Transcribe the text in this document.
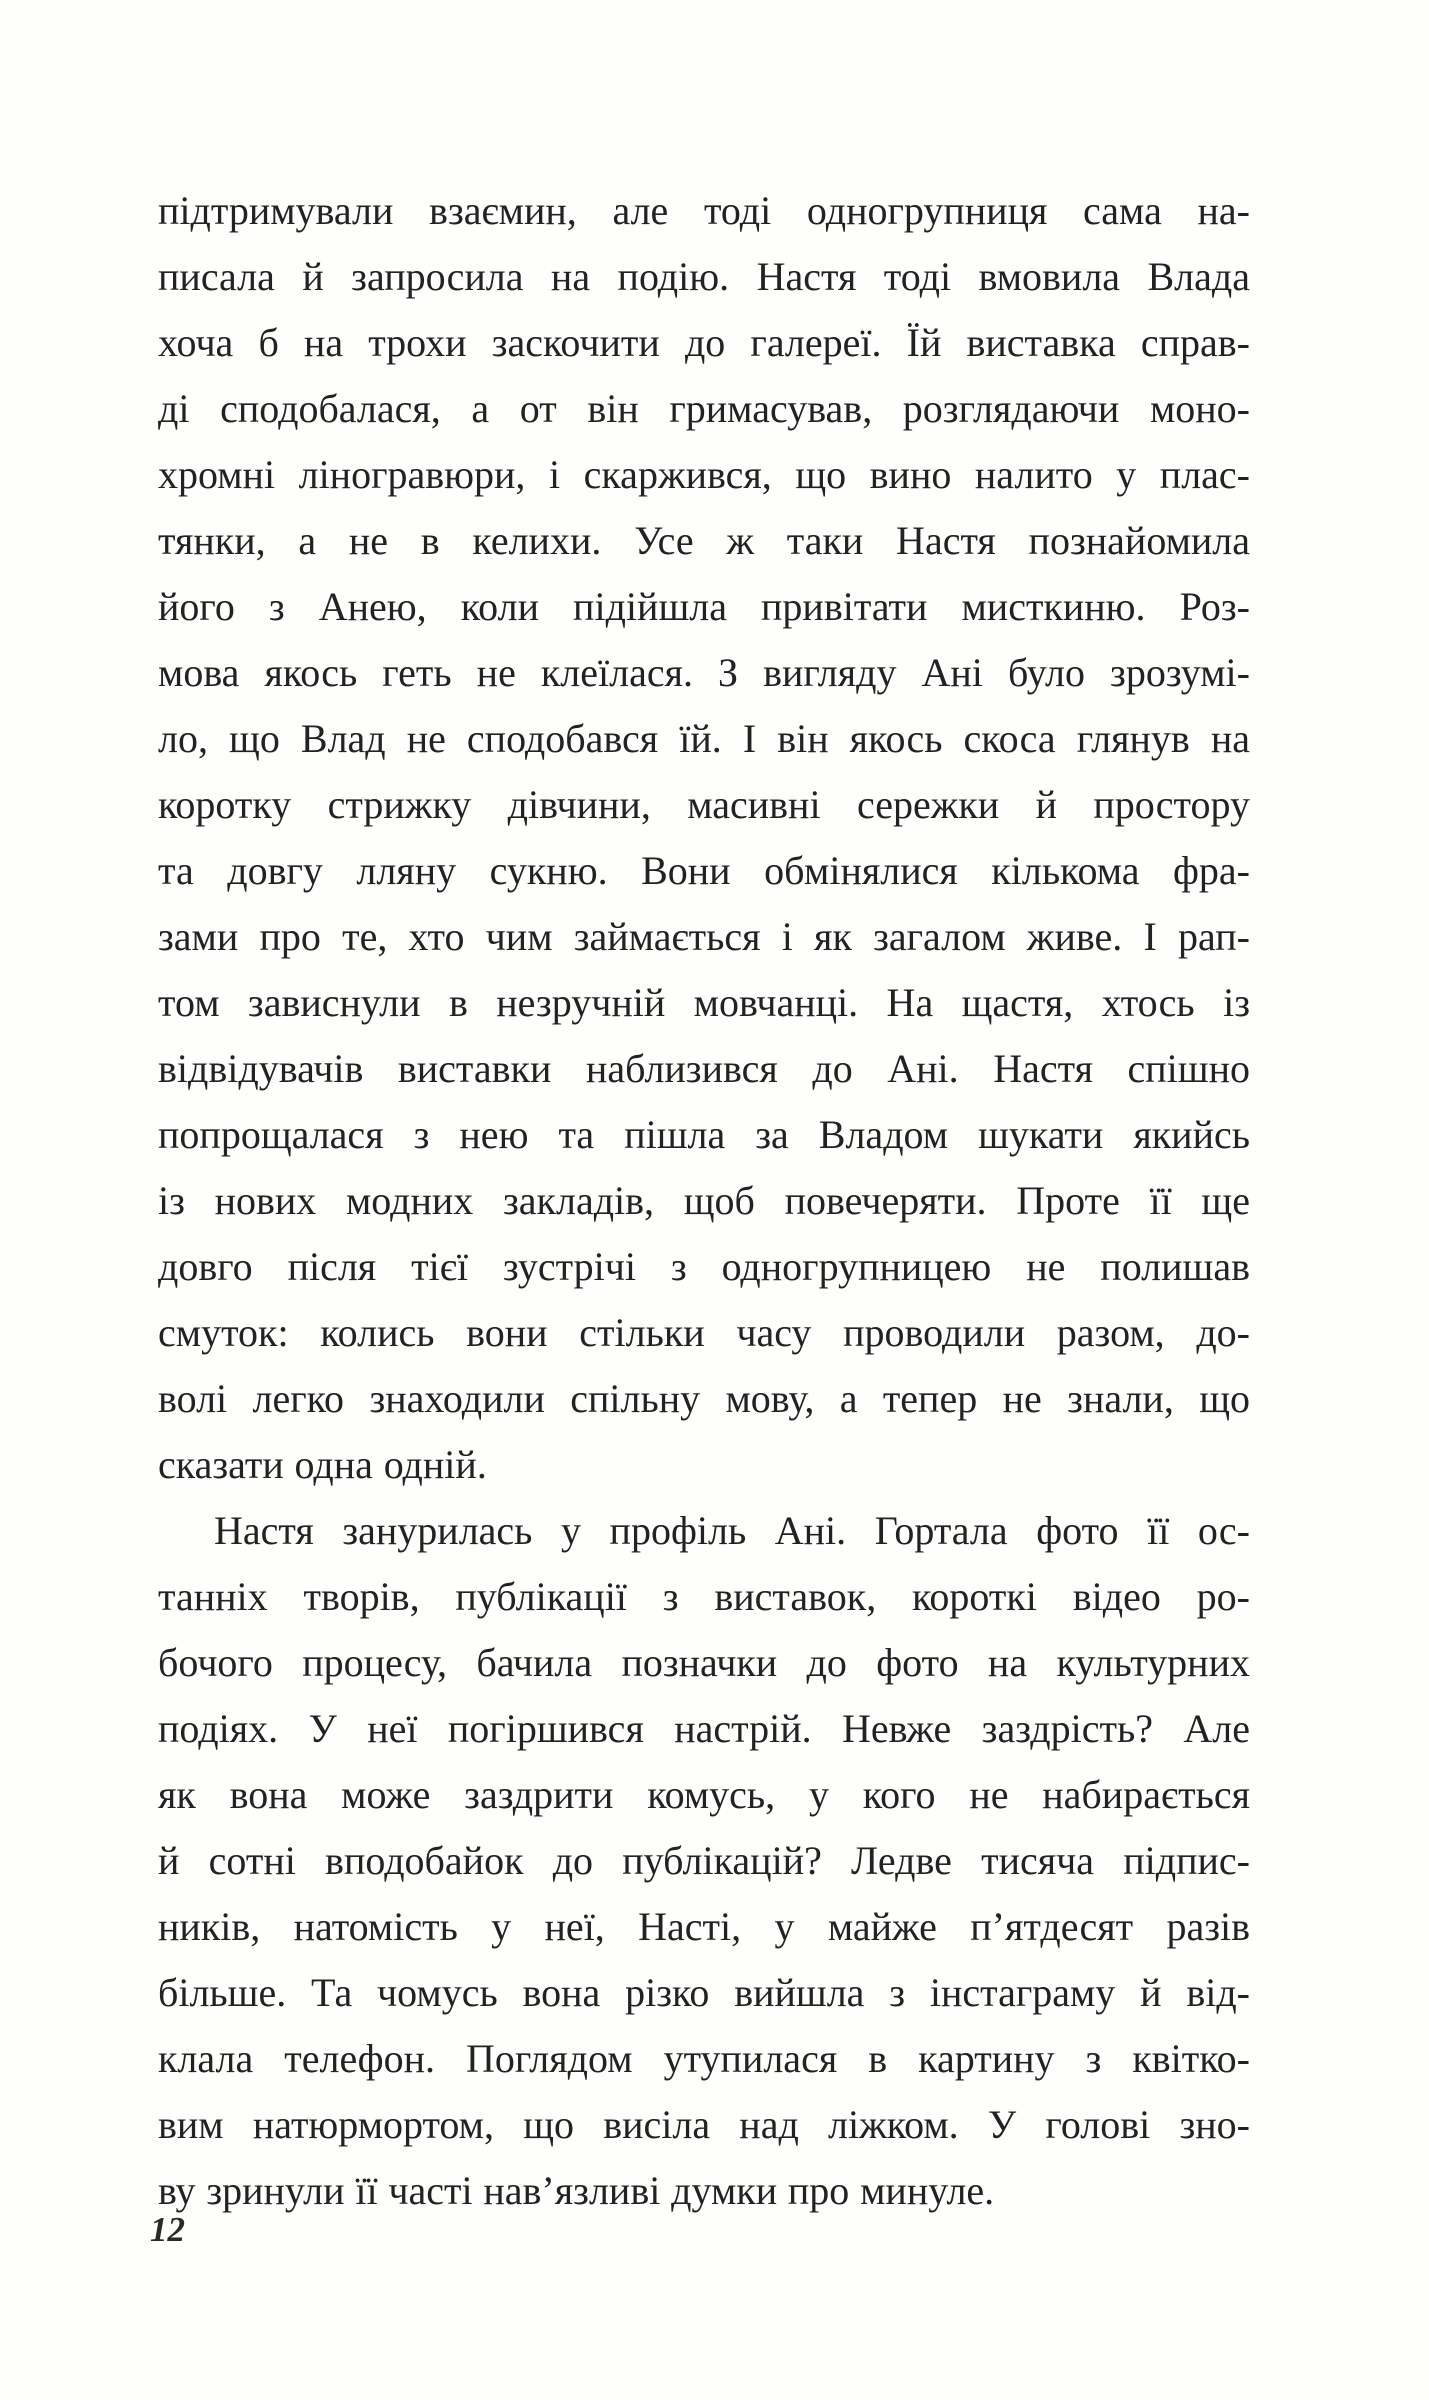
підтримували взаємин, але тоді одногрупниця сама на-
писала й запросила на подію. Настя тоді вмовила Влада
хоча б на трохи заскочити до галереї. Їй виставка справ-
ді сподобалася, а от він гримасував, розглядаючи моно-
хромні ліногравюри, і скаржився, що вино налито у плас-
тянки, а не в келихи. Усе ж таки Настя познайомила
його з Анею, коли підійшла привітати мисткиню. Роз-
мова якось геть не клеїлася. З вигляду Ані було зрозумі-
ло, що Влад не сподобався їй. І він якось скоса глянув на
коротку стрижку дівчини, масивні сережки й простору
та довгу лляну сукню. Вони обмінялися кількома фра-
зами про те, хто чим займається і як загалом живе. І рап-
том зависнули в незручній мовчанці. На щастя, хтось із
відвідувачів виставки наблизився до Ані. Настя спішно
попрощалася з нею та пішла за Владом шукати якийсь
із нових модних закладів, щоб повечеряти. Проте її ще
довго після тієї зустрічі з одногрупницею не полишав
смуток: колись вони стільки часу проводили разом, до-
волі легко знаходили спільну мову, а тепер не знали, що
сказати одна одній.
Настя занурилась у профіль Ані. Гортала фото її ос-
танніх творів, публікації з виставок, короткі відео ро-
бочого процесу, бачила позначки до фото на культурних
подіях. У неї погіршився настрій. Невже заздрість? Але
як вона може заздрити комусь, у кого не набирається
й сотні вподобайок до публікацій? Ледве тисяча підпис-
ників, натомість у неї, Насті, у майже п’ятдесят разів
більше. Та чомусь вона різко вийшла з інстаграму й від-
клала телефон. Поглядом утупилася в картину з квітко-
вим натюрмортом, що висіла над ліжком. У голові зно-
ву зринули її часті нав’язливі думки про минуле.
12
